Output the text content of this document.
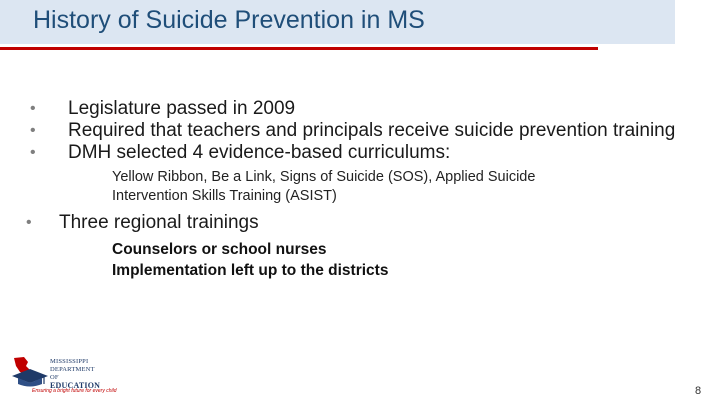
History of Suicide Prevention in MS
• Legislature passed in 2009
• Required that teachers and principals receive suicide prevention training
• DMH selected 4 evidence-based curriculums:
Yellow Ribbon, Be a Link, Signs of Suicide (SOS), Applied Suicide Intervention Skills Training (ASIST)
• Three regional trainings
Counselors or school nurses
Implementation left up to the districts
MISSISSIPPI
DEPARTMENT OF
EDUCATION
Ensuring a bright future for every child	8
